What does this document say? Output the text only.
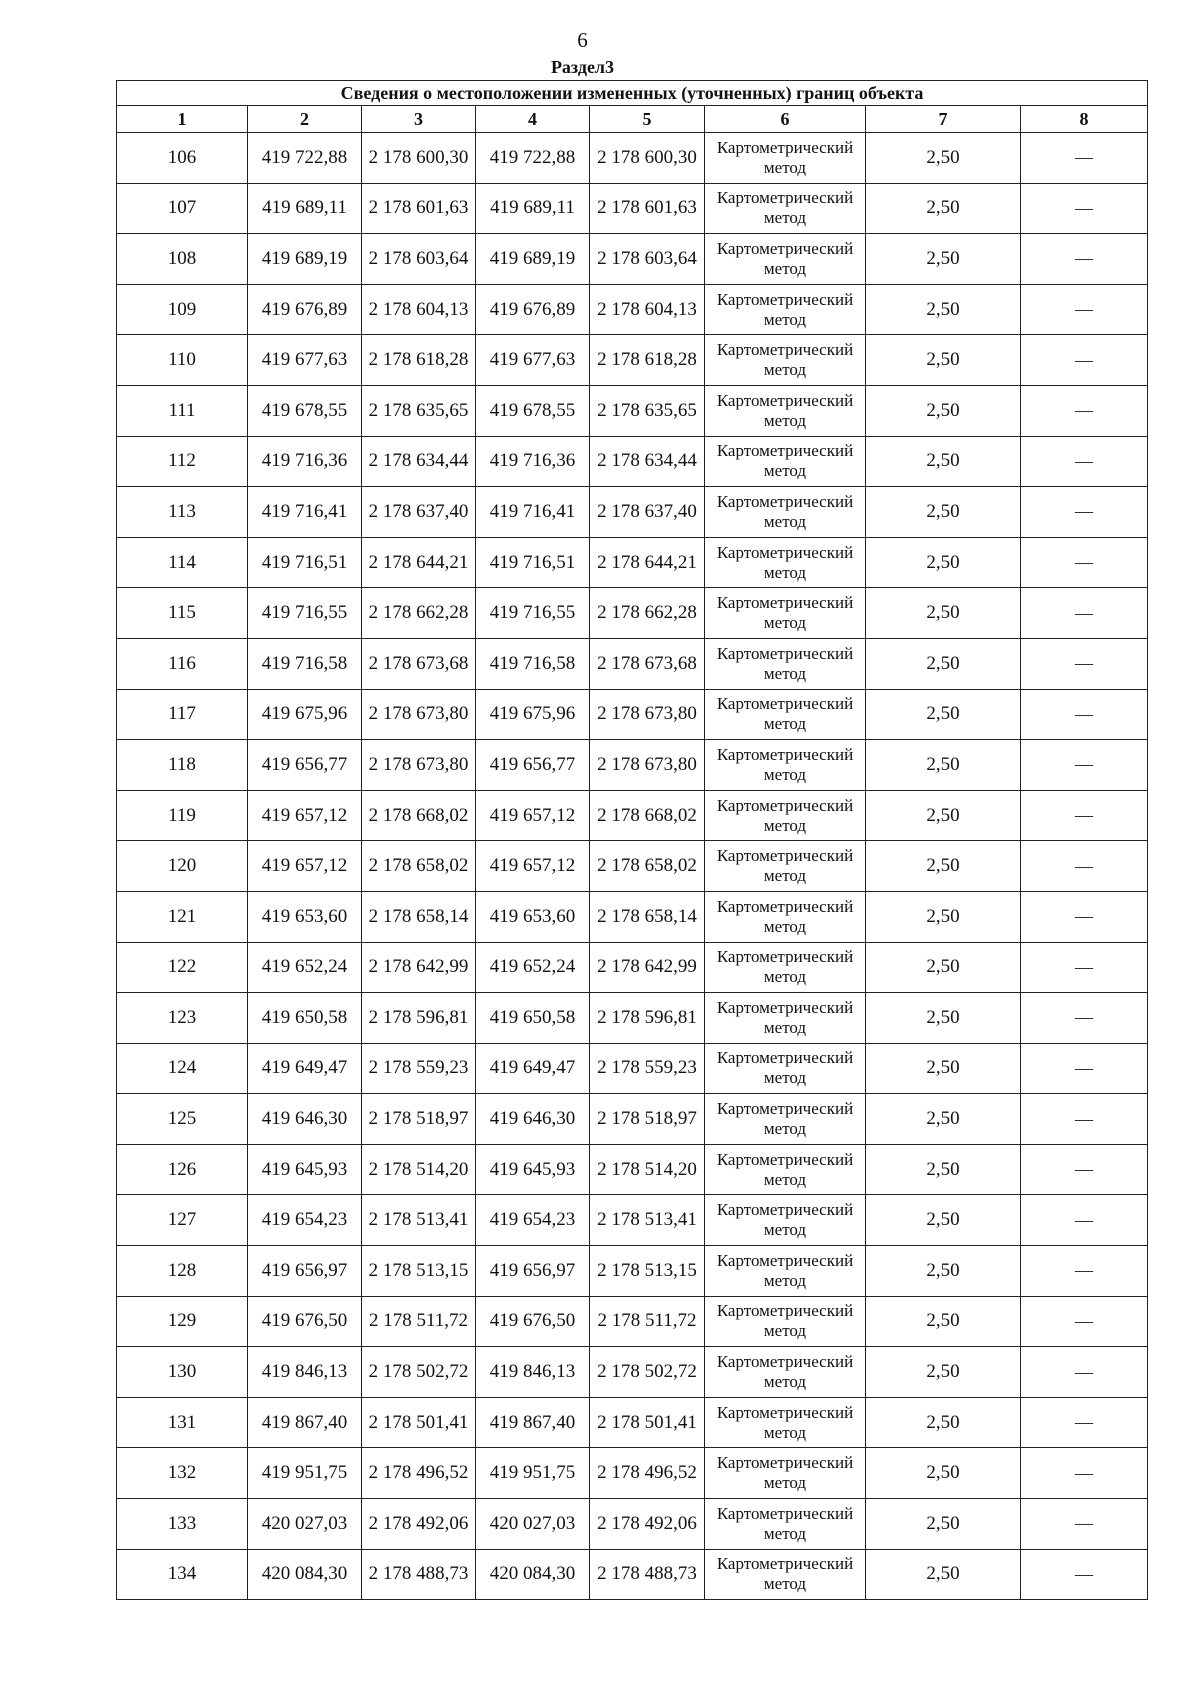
6
Раздел3
Сведения о местоположении измененных (уточненных) границ объекта							
1	2	3	4	5	6	7	8
106	419 722,88	2 178 600,30	419 722,88	2 178 600,30	Картометрический метод	2,50	—
107	419 689,11	2 178 601,63	419 689,11	2 178 601,63	Картометрический метод	2,50	—
108	419 689,19	2 178 603,64	419 689,19	2 178 603,64	Картометрический метод	2,50	—
109	419 676,89	2 178 604,13	419 676,89	2 178 604,13	Картометрический метод	2,50	—
110	419 677,63	2 178 618,28	419 677,63	2 178 618,28	Картометрический метод	2,50	—
111	419 678,55	2 178 635,65	419 678,55	2 178 635,65	Картометрический метод	2,50	—
112	419 716,36	2 178 634,44	419 716,36	2 178 634,44	Картометрический метод	2,50	—
113	419 716,41	2 178 637,40	419 716,41	2 178 637,40	Картометрический метод	2,50	—
114	419 716,51	2 178 644,21	419 716,51	2 178 644,21	Картометрический метод	2,50	—
115	419 716,55	2 178 662,28	419 716,55	2 178 662,28	Картометрический метод	2,50	—
116	419 716,58	2 178 673,68	419 716,58	2 178 673,68	Картометрический метод	2,50	—
117	419 675,96	2 178 673,80	419 675,96	2 178 673,80	Картометрический метод	2,50	—
118	419 656,77	2 178 673,80	419 656,77	2 178 673,80	Картометрический метод	2,50	—
119	419 657,12	2 178 668,02	419 657,12	2 178 668,02	Картометрический метод	2,50	—
120	419 657,12	2 178 658,02	419 657,12	2 178 658,02	Картометрический метод	2,50	—
121	419 653,60	2 178 658,14	419 653,60	2 178 658,14	Картометрический метод	2,50	—
122	419 652,24	2 178 642,99	419 652,24	2 178 642,99	Картометрический метод	2,50	—
123	419 650,58	2 178 596,81	419 650,58	2 178 596,81	Картометрический метод	2,50	—
124	419 649,47	2 178 559,23	419 649,47	2 178 559,23	Картометрический метод	2,50	—
125	419 646,30	2 178 518,97	419 646,30	2 178 518,97	Картометрический метод	2,50	—
126	419 645,93	2 178 514,20	419 645,93	2 178 514,20	Картометрический метод	2,50	—
127	419 654,23	2 178 513,41	419 654,23	2 178 513,41	Картометрический метод	2,50	—
128	419 656,97	2 178 513,15	419 656,97	2 178 513,15	Картометрический метод	2,50	—
129	419 676,50	2 178 511,72	419 676,50	2 178 511,72	Картометрический метод	2,50	—
130	419 846,13	2 178 502,72	419 846,13	2 178 502,72	Картометрический метод	2,50	—
131	419 867,40	2 178 501,41	419 867,40	2 178 501,41	Картометрический метод	2,50	—
132	419 951,75	2 178 496,52	419 951,75	2 178 496,52	Картометрический метод	2,50	—
133	420 027,03	2 178 492,06	420 027,03	2 178 492,06	Картометрический метод	2,50	—
134	420 084,30	2 178 488,73	420 084,30	2 178 488,73	Картометрический метод	2,50	—
